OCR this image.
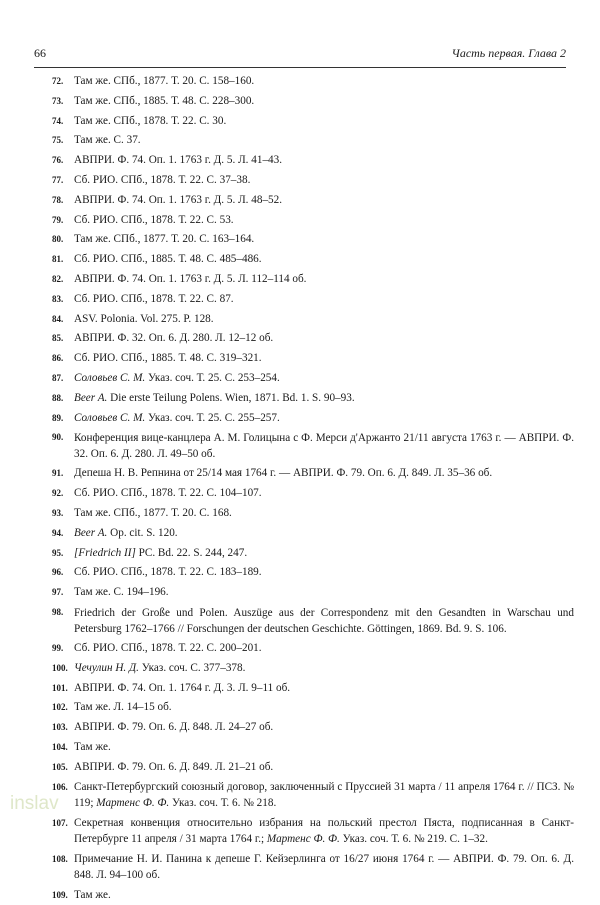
66	Часть первая. Глава 2
72. Там же. СПб., 1877. Т. 20. С. 158–160.
73. Там же. СПб., 1885. Т. 48. С. 228–300.
74. Там же. СПб., 1878. Т. 22. С. 30.
75. Там же. С. 37.
76. АВПРИ. Ф. 74. Оп. 1. 1763 г. Д. 5. Л. 41–43.
77. Сб. РИО. СПб., 1878. Т. 22. С. 37–38.
78. АВПРИ. Ф. 74. Оп. 1. 1763 г. Д. 5. Л. 48–52.
79. Сб. РИО. СПб., 1878. Т. 22. С. 53.
80. Там же. СПб., 1877. Т. 20. С. 163–164.
81. Сб. РИО. СПб., 1885. Т. 48. С. 485–486.
82. АВПРИ. Ф. 74. Оп. 1. 1763 г. Д. 5. Л. 112–114 об.
83. Сб. РИО. СПб., 1878. Т. 22. С. 87.
84. ASV. Polonia. Vol. 275. P. 128.
85. АВПРИ. Ф. 32. Оп. 6. Д. 280. Л. 12–12 об.
86. Сб. РИО. СПб., 1885. Т. 48. С. 319–321.
87. Соловьев С. М. Указ. соч. Т. 25. С. 253–254.
88. Beer A. Die erste Teilung Polens. Wien, 1871. Bd. 1. S. 90–93.
89. Соловьев С. М. Указ. соч. Т. 25. С. 255–257.
90. Конференция вице-канцлера А. М. Голицына с Ф. Мерси д'Аржанто 21/11 августа 1763 г. — АВПРИ. Ф. 32. Оп. 6. Д. 280. Л. 49–50 об.
91. Депеша Н. В. Репнина от 25/14 мая 1764 г. — АВПРИ. Ф. 79. Оп. 6. Д. 849. Л. 35–36 об.
92. Сб. РИО. СПб., 1878. Т. 22. С. 104–107.
93. Там же. СПб., 1877. Т. 20. С. 168.
94. Beer A. Op. cit. S. 120.
95. [Friedrich II] PC. Bd. 22. S. 244, 247.
96. Сб. РИО. СПб., 1878. Т. 22. С. 183–189.
97. Там же. С. 194–196.
98. Friedrich der Große und Polen. Auszüge aus der Correspondenz mit den Gesandten in Warschau und Petersburg 1762–1766 // Forschungen der deutschen Geschichte. Göttingen, 1869. Bd. 9. S. 106.
99. Сб. РИО. СПб., 1878. Т. 22. С. 200–201.
100. Чечулин Н. Д. Указ. соч. С. 377–378.
101. АВПРИ. Ф. 74. Оп. 1. 1764 г. Д. 3. Л. 9–11 об.
102. Там же. Л. 14–15 об.
103. АВПРИ. Ф. 79. Оп. 6. Д. 848. Л. 24–27 об.
104. Там же.
105. АВПРИ. Ф. 79. Оп. 6. Д. 849. Л. 21–21 об.
106. Санкт-Петербургский союзный договор, заключенный с Пруссией 31 марта / 11 апреля 1764 г. // ПСЗ. № 119; Мартенс Ф. Ф. Указ. соч. Т. 6. № 218.
107. Секретная конвенция относительно избрания на польский престол Пяста, подписанная в Санкт-Петербурге 11 апреля / 31 марта 1764 г.; Мартенс Ф. Ф. Указ. соч. Т. 6. № 219. С. 1–32.
108. Примечание Н. И. Панина к депеше Г. Кейзерлинга от 16/27 июня 1764 г. — АВПРИ. Ф. 79. Оп. 6. Д. 848. Л. 94–100 об.
109. Там же.
inslav
